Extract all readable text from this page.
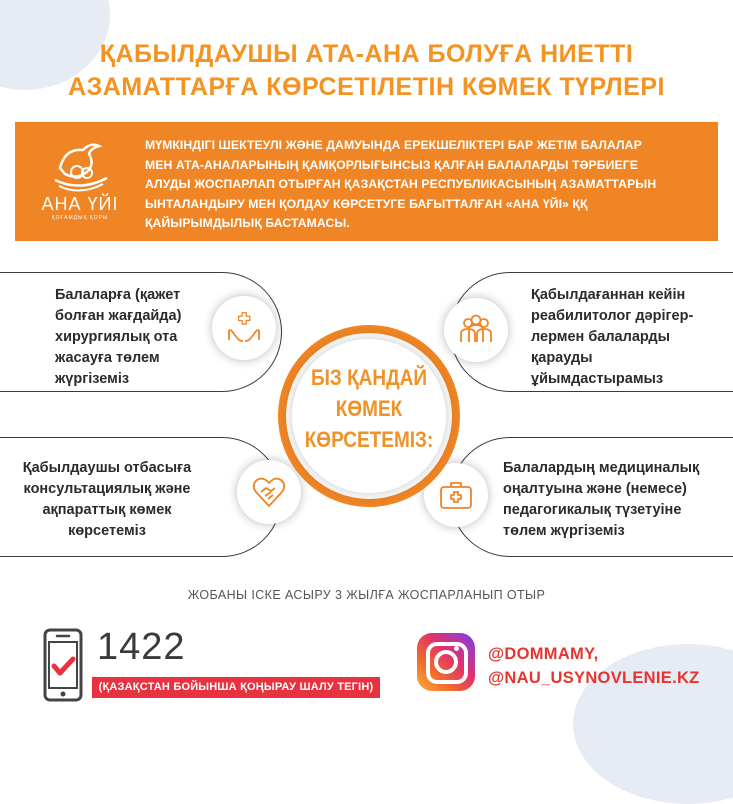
ҚАБЫЛДАУШЫ АТА-АНА БОЛУҒА НИЕТТІ
АЗАМАТТАРҒА КӨРСЕТІЛЕТІН КӨМЕК ТҮРЛЕРІ
АНА ҮЙІ
ҚОҒАМДЫҚ ҚОРЫ
МҮМКІНДІГІ ШЕКТЕУЛІ ЖӘНЕ ДАМУЫНДА ЕРЕКШЕЛІКТЕРІ БАР ЖЕТІМ БАЛАЛАР
МЕН АТА-АНАЛАРЫНЫҢ ҚАМҚОРЛЫҒЫНСЫЗ ҚАЛҒАН БАЛАЛАРДЫ ТӘРБИЕГЕ
АЛУДЫ ЖОСПАРЛАП ОТЫРҒАН ҚАЗАҚСТАН РЕСПУБЛИКАСЫНЫҢ АЗАМАТТАРЫН
ЫНТАЛАНДЫРУ МЕН ҚОЛДАУ КӨРСЕТУГЕ БАҒЫТТАЛҒАН «АНА ҮЙІ» ҚҚ
ҚАЙЫРЫМДЫЛЫҚ БАСТАМАСЫ.
Балаларға (қажет
болған жағдайда)
хирургиялық ота
жасауға төлем
жүргіземіз
Қабылдағаннан кейін
реабилитолог дәрігер-
лермен балаларды
қарауды
ұйымдастырамыз
Қабылдаушы отбасыға
консультациялық және
ақпараттық көмек
көрсетеміз
Балалардың медициналық
оңалтуына және (немесе)
педагогикалық түзетуіне
төлем жүргіземіз
БІЗ ҚАНДАЙ
КӨМЕК
КӨРСЕТЕМІЗ:
ЖОБАНЫ ІСКЕ АСЫРУ 3 ЖЫЛҒА ЖОСПАРЛАНЫП ОТЫР
1422
(ҚАЗАҚСТАН БОЙЫНША ҚОҢЫРАУ ШАЛУ ТЕГІН)
@DOMMAMY,
@NAU_USYNOVLENIE.KZ
